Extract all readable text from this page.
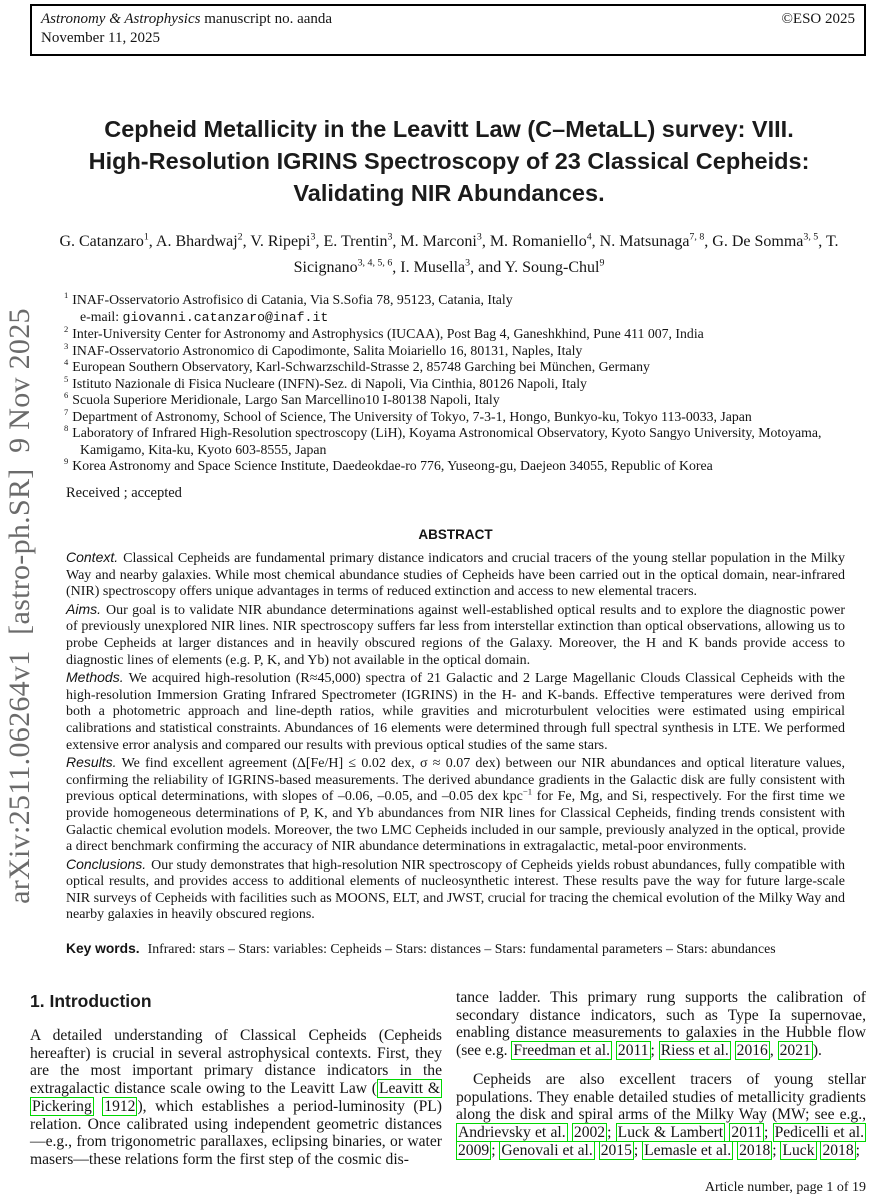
arXiv:2511.06264v1  [astro-ph.SR]  9 Nov 2025
Astronomy & Astrophysics manuscript no. aanda	©ESO 2025
November 11, 2025
Cepheid Metallicity in the Leavitt Law (C–MetaLL) survey: VIII.
High-Resolution IGRINS Spectroscopy of 23 Classical Cepheids:
Validating NIR Abundances.
G. Catanzaro$^1$, A. Bhardwaj$^2$, V. Ripepi$^3$, E. Trentin$^3$, M. Marconi$^3$, M. Romaniello$^4$, N. Matsunaga$^{7, 8}$, G. De Somma$^{3, 5}$, T. Sicignano$^{3, 4, 5, 6}$, I. Musella$^3$, and Y. Soung-Chul$^9$
$^1$ INAF-Osservatorio Astrofisico di Catania, Via S.Sofia 78, 95123, Catania, Italy
e-mail: giovanni.catanzaro@inaf.it
$^2$ Inter-University Center for Astronomy and Astrophysics (IUCAA), Post Bag 4, Ganeshkhind, Pune 411 007, India
$^3$ INAF-Osservatorio Astronomico di Capodimonte, Salita Moiariello 16, 80131, Naples, Italy
$^4$ European Southern Observatory, Karl-Schwarzschild-Strasse 2, 85748 Garching bei München, Germany
$^5$ Istituto Nazionale di Fisica Nucleare (INFN)-Sez. di Napoli, Via Cinthia, 80126 Napoli, Italy
$^6$ Scuola Superiore Meridionale, Largo San Marcellino10 I-80138 Napoli, Italy
$^7$ Department of Astronomy, School of Science, The University of Tokyo, 7-3-1, Hongo, Bunkyo-ku, Tokyo 113-0033, Japan
$^8$ Laboratory of Infrared High-Resolution spectroscopy (LiH), Koyama Astronomical Observatory, Kyoto Sangyo University, Motoyama, Kamigamo, Kita-ku, Kyoto 603-8555, Japan
$^9$ Korea Astronomy and Space Science Institute, Daedeokdae-ro 776, Yuseong-gu, Daejeon 34055, Republic of Korea
Received ; accepted
ABSTRACT

Context. Classical Cepheids are fundamental primary distance indicators and crucial tracers of the young stellar population in the Milky Way and nearby galaxies. While most chemical abundance studies of Cepheids have been carried out in the optical domain, near-infrared (NIR) spectroscopy offers unique advantages in terms of reduced extinction and access to new elemental tracers.

Aims. Our goal is to validate NIR abundance determinations against well-established optical results and to explore the diagnostic power of previously unexplored NIR lines. NIR spectroscopy suffers far less from interstellar extinction than optical observations, allowing us to probe Cepheids at larger distances and in heavily obscured regions of the Galaxy. Moreover, the H and K bands provide access to diagnostic lines of elements (e.g. P, K, and Yb) not available in the optical domain.

Methods. We acquired high-resolution (R≈45,000) spectra of 21 Galactic and 2 Large Magellanic Clouds Classical Cepheids with the high-resolution Immersion Grating Infrared Spectrometer (IGRINS) in the H- and K-bands. Effective temperatures were derived from both a photometric approach and line-depth ratios, while gravities and microturbulent velocities were estimated using empirical calibrations and statistical constraints. Abundances of 16 elements were determined through full spectral synthesis in LTE. We performed extensive error analysis and compared our results with previous optical studies of the same stars.

Results. We find excellent agreement (Δ[Fe/H] ≤ 0.02 dex, σ ≈ 0.07 dex) between our NIR abundances and optical literature values, confirming the reliability of IGRINS-based measurements. The derived abundance gradients in the Galactic disk are fully consistent with previous optical determinations, with slopes of –0.06, –0.05, and –0.05 dex kpc$^{-1}$ for Fe, Mg, and Si, respectively. For the first time we provide homogeneous determinations of P, K, and Yb abundances from NIR lines for Classical Cepheids, finding trends consistent with Galactic chemical evolution models. Moreover, the two LMC Cepheids included in our sample, previously analyzed in the optical, provide a direct benchmark confirming the accuracy of NIR abundance determinations in extragalactic, metal-poor environments.

Conclusions. Our study demonstrates that high-resolution NIR spectroscopy of Cepheids yields robust abundances, fully compatible with optical results, and provides access to additional elements of nucleosynthetic interest. These results pave the way for future large-scale NIR surveys of Cepheids with facilities such as MOONS, ELT, and JWST, crucial for tracing the chemical evolution of the Milky Way and nearby galaxies in heavily obscured regions.

Key words. Infrared: stars – Stars: variables: Cepheids – Stars: distances – Stars: fundamental parameters – Stars: abundances
1. Introduction

A detailed understanding of Classical Cepheids (Cepheids hereafter) is crucial in several astrophysical contexts. First, they are the most important primary distance indicators in the extragalactic distance scale owing to the Leavitt Law ( Leavitt & Pickering 1912 ), which establishes a period-luminosity (PL) relation. Once calibrated using independent geometric distances—e.g., from trigonometric parallaxes, eclipsing binaries, or water masers—these relations form the first step of the cosmic dis-

tance ladder. This primary rung supports the calibration of secondary distance indicators, such as Type Ia supernovae, enabling distance measurements to galaxies in the Hubble flow (see e.g. Freedman et al. 2011 ; Riess et al. 2016 , 2021 ).

Cepheids are also excellent tracers of young stellar populations. They enable detailed studies of metallicity gradients along the disk and spiral arms of the Milky Way (MW; see e.g., Andrievsky et al. 2002 ; Luck & Lambert 2011 ; Pedicelli et al. 2009 ; Genovali et al. 2015 ; Lemasle et al. 2018 ; Luck 2018 ;

Article number, page 1 of 19
